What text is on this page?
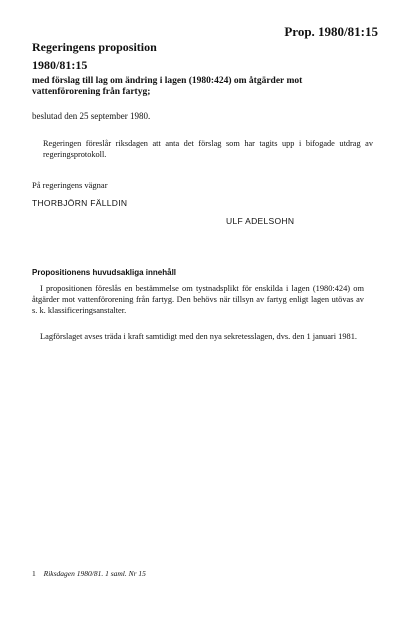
Prop. 1980/81:15
Regeringens proposition
1980/81:15
med förslag till lag om ändring i lagen (1980:424) om åtgärder mot vattenförorening från fartyg;
beslutad den 25 september 1980.
Regeringen föreslår riksdagen att anta det förslag som har tagits upp i bifogade utdrag av regeringsprotokoll.
På regeringens vägnar
THORBJÖRN FÄLLDIN
ULF ADELSOHN
Propositionens huvudsakliga innehåll
I propositionen föreslås en bestämmelse om tystnadsplikt för enskilda i lagen (1980:424) om åtgärder mot vattenförorening från fartyg. Den behövs när tillsyn av fartyg enligt lagen utövas av s. k. klassificeringsanstalter.
Lagförslaget avses träda i kraft samtidigt med den nya sekretesslagen, dvs. den 1 januari 1981.
1 Riksdagen 1980/81. 1 saml. Nr 15
